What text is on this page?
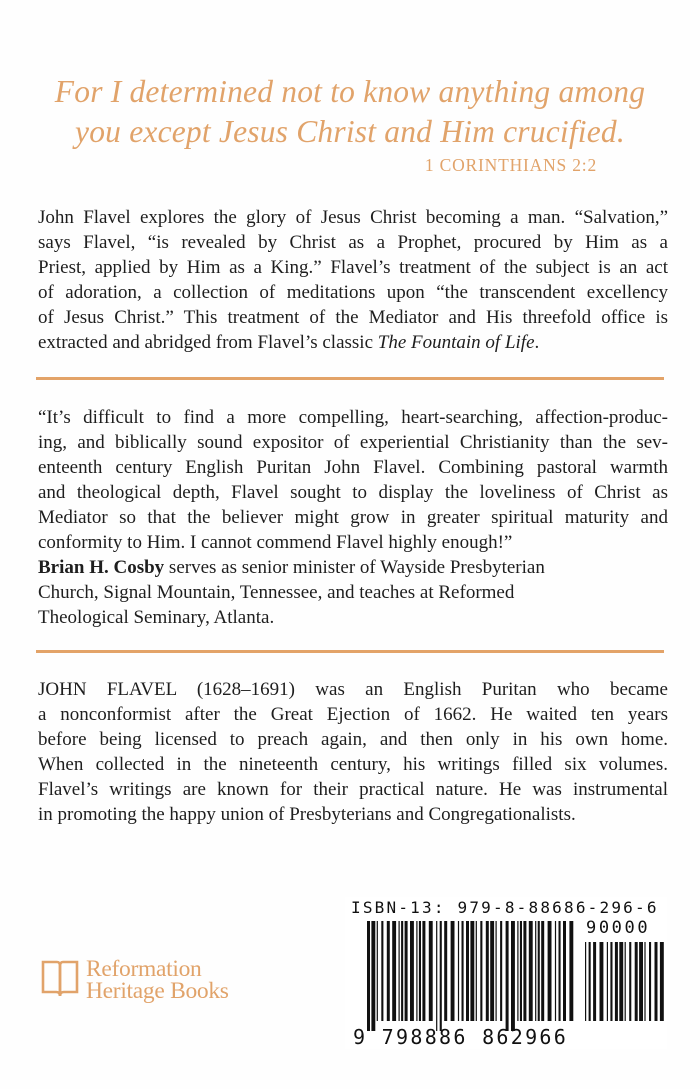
For I determined not to know anything among
you except Jesus Christ and Him crucified.
1 CORINTHIANS 2:2
John Flavel explores the glory of Jesus Christ becoming a man. “Salvation,”
says Flavel, “is revealed by Christ as a Prophet, procured by Him as a
Priest, applied by Him as a King.” Flavel’s treatment of the subject is an act
of adoration, a collection of meditations upon “the transcendent excellency
of Jesus Christ.” This treatment of the Mediator and His threefold office is
extracted and abridged from Flavel’s classic The Fountain of Life.
“It’s difficult to find a more compelling, heart-searching, affection-produc-
ing, and biblically sound expositor of experiential Christianity than the sev-
enteenth century English Puritan John Flavel. Combining pastoral warmth
and theological depth, Flavel sought to display the loveliness of Christ as
Mediator so that the believer might grow in greater spiritual maturity and
conformity to Him. I cannot commend Flavel highly enough!”
Brian H. Cosby serves as senior minister of Wayside Presbyterian
Church, Signal Mountain, Tennessee, and teaches at Reformed
Theological Seminary, Atlanta.
JOHN FLAVEL (1628–1691) was an English Puritan who became
a nonconformist after the Great Ejection of 1662. He waited ten years
before being licensed to preach again, and then only in his own home.
When collected in the nineteenth century, his writings filled six volumes.
Flavel’s writings are known for their practical nature. He was instrumental
in promoting the happy union of Presbyterians and Congregationalists.
Reformation
Heritage Books
ISBN-13: 979-8-88686-296-6
90000
9 798886 862966
